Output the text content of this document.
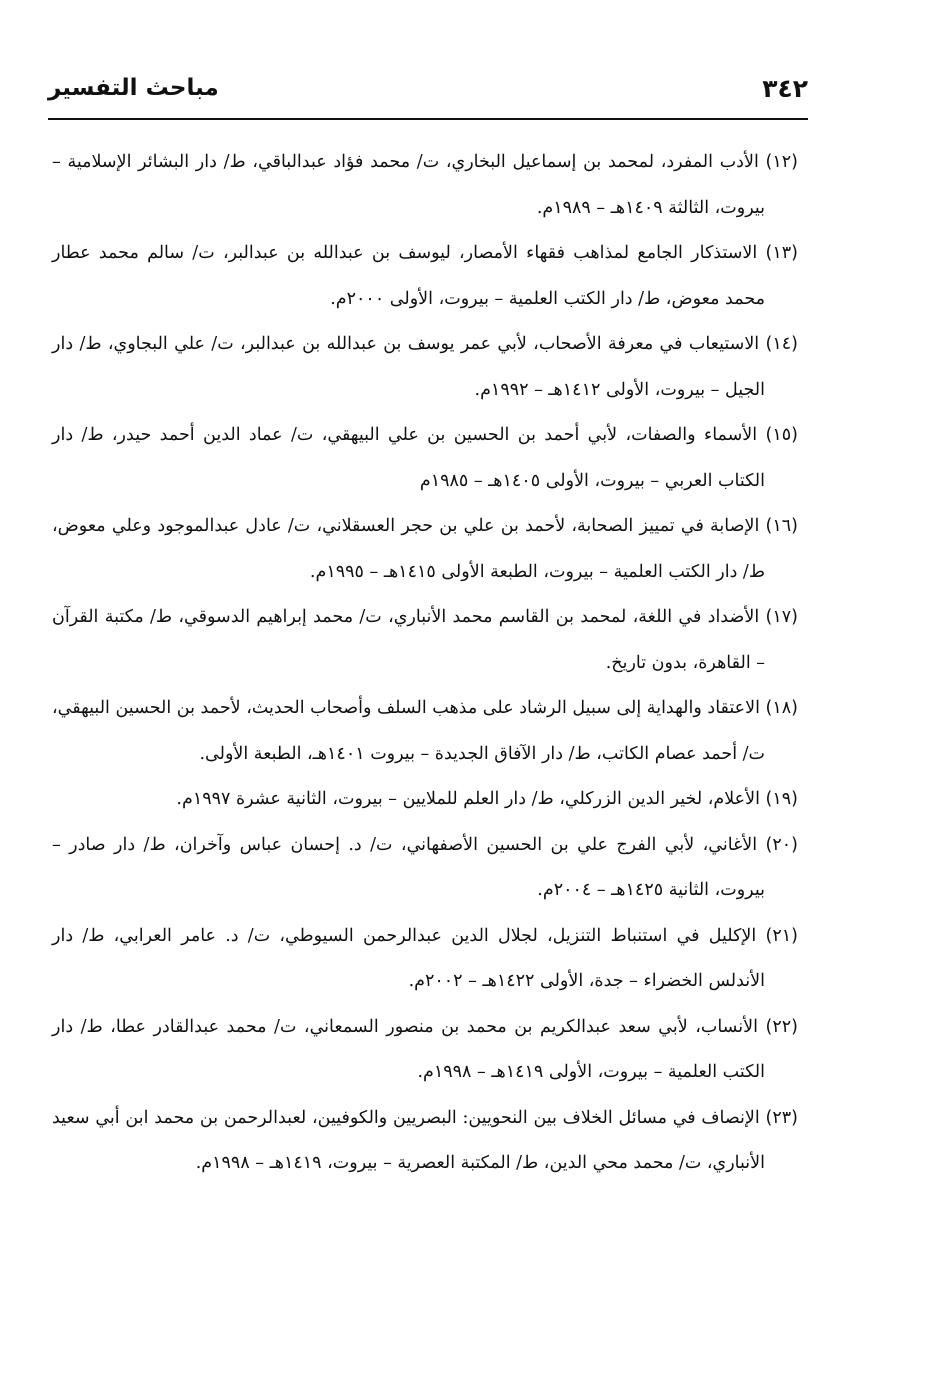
٣٤٢
مباحث التفسير
(١٢) الأدب المفرد، لمحمد بن إسماعيل البخاري، ت/ محمد فؤاد عبدالباقي، ط/ دار البشائر الإسلامية – بيروت، الثالثة ١٤٠٩هـ – ١٩٨٩م.
(١٣) الاستذكار الجامع لمذاهب فقهاء الأمصار، ليوسف بن عبدالله بن عبدالبر، ت/ سالم محمد عطار محمد معوض، ط/ دار الكتب العلمية – بيروت، الأولى ٢٠٠٠م.
(١٤) الاستيعاب في معرفة الأصحاب، لأبي عمر يوسف بن عبدالله بن عبدالبر، ت/ علي البجاوي، ط/ دار الجيل – بيروت، الأولى ١٤١٢هـ – ١٩٩٢م.
(١٥) الأسماء والصفات، لأبي أحمد بن الحسين بن علي البيهقي، ت/ عماد الدين أحمد حيدر، ط/ دار الكتاب العربي – بيروت، الأولى ١٤٠٥هـ – ١٩٨٥م
(١٦) الإصابة في تمييز الصحابة، لأحمد بن علي بن حجر العسقلاني، ت/ عادل عبدالموجود وعلي معوض، ط/ دار الكتب العلمية – بيروت، الطبعة الأولى ١٤١٥هـ – ١٩٩٥م.
(١٧) الأضداد في اللغة، لمحمد بن القاسم محمد الأنباري، ت/ محمد إبراهيم الدسوقي، ط/ مكتبة القرآن – القاهرة، بدون تاريخ.
(١٨) الاعتقاد والهداية إلى سبيل الرشاد على مذهب السلف وأصحاب الحديث، لأحمد بن الحسين البيهقي، ت/ أحمد عصام الكاتب، ط/ دار الآفاق الجديدة – بيروت ١٤٠١هـ، الطبعة الأولى.
(١٩) الأعلام، لخير الدين الزركلي، ط/ دار العلم للملايين – بيروت، الثانية عشرة ١٩٩٧م.
(٢٠) الأغاني، لأبي الفرج علي بن الحسين الأصفهاني، ت/ د. إحسان عباس وآخران، ط/ دار صادر – بيروت، الثانية ١٤٢٥هـ – ٢٠٠٤م.
(٢١) الإكليل في استنباط التنزيل، لجلال الدين عبدالرحمن السيوطي، ت/ د. عامر العرابي، ط/ دار الأندلس الخضراء – جدة، الأولى ١٤٢٢هـ – ٢٠٠٢م.
(٢٢) الأنساب، لأبي سعد عبدالكريم بن محمد بن منصور السمعاني، ت/ محمد عبدالقادر عطا، ط/ دار الكتب العلمية – بيروت، الأولى ١٤١٩هـ – ١٩٩٨م.
(٢٣) الإنصاف في مسائل الخلاف بين النحويين: البصريين والكوفيين، لعبدالرحمن بن محمد ابن أبي سعيد الأنباري، ت/ محمد محي الدين، ط/ المكتبة العصرية – بيروت، ١٤١٩هـ – ١٩٩٨م.
